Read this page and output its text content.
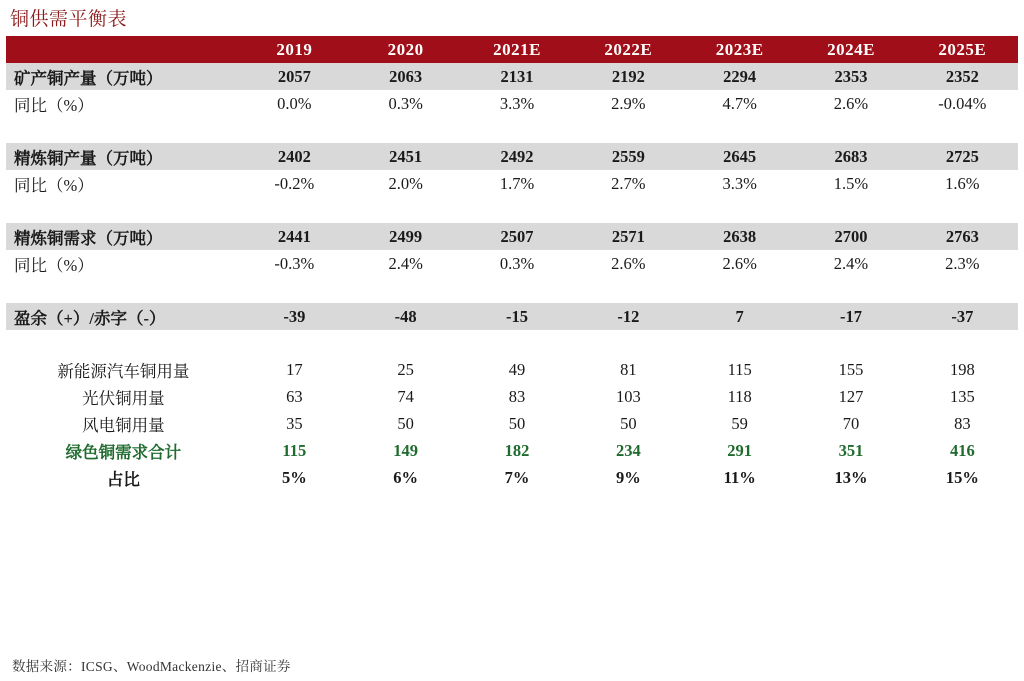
铜供需平衡表
	2019	2020	2021E	2022E	2023E	2024E	2025E
矿产铜产量（万吨）	2057	2063	2131	2192	2294	2353	2352
同比（%）	0.0%	0.3%	3.3%	2.9%	4.7%	2.6%	-0.04%

精炼铜产量（万吨）	2402	2451	2492	2559	2645	2683	2725
同比（%）	-0.2%	2.0%	1.7%	2.7%	3.3%	1.5%	1.6%

精炼铜需求（万吨）	2441	2499	2507	2571	2638	2700	2763
同比（%）	-0.3%	2.4%	0.3%	2.6%	2.6%	2.4%	2.3%

盈余（+）/赤字（-）	-39	-48	-15	-12	7	-17	-37

新能源汽车铜用量	17	25	49	81	115	155	198
光伏铜用量	63	74	83	103	118	127	135
风电铜用量	35	50	50	50	59	70	83
绿色铜需求合计	115	149	182	234	291	351	416
占比	5%	6%	7%	9%	11%	13%	15%
数据来源：ICSG、WoodMackenzie、招商证券
